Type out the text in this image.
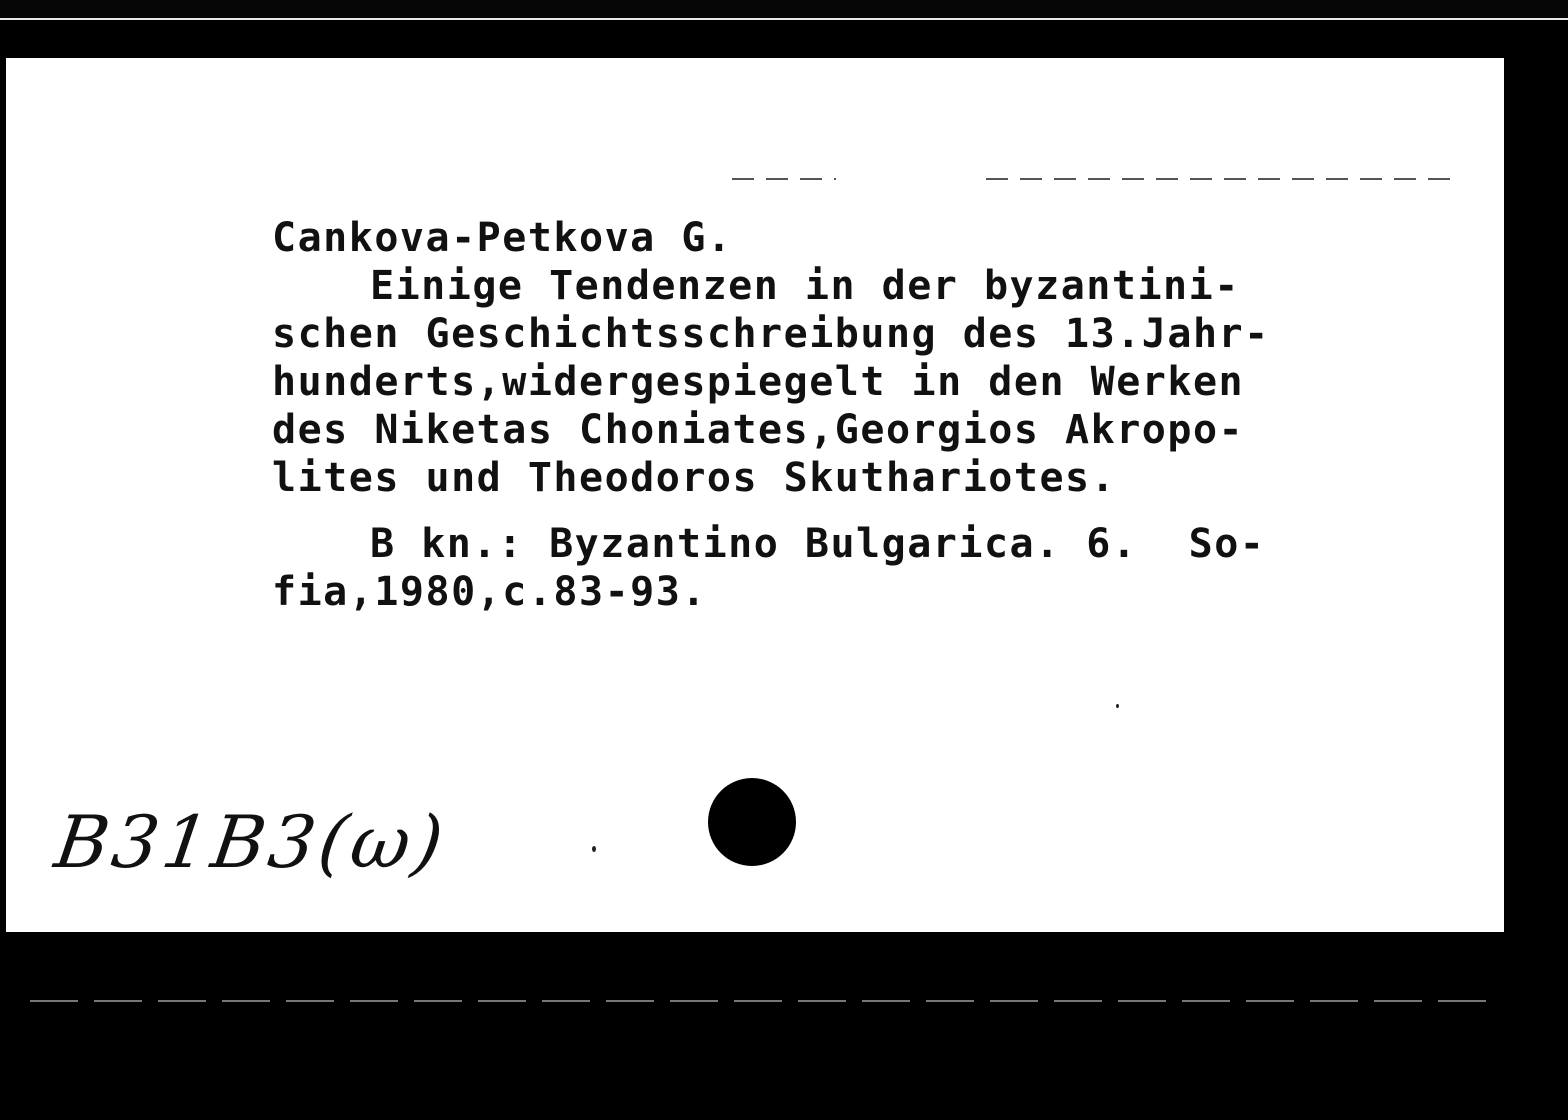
Cankova-Petkova G.
Einige Tendenzen in der byzantini-
schen Geschichtsschreibung des 13.Jahr-
hunderts,widergespiegelt in den Werken
des Niketas Choniates,Georgios Akropo-
lites und Theodoros Skuthariotes.
B kn.: Byzantino Bulgarica. 6.  So-
fia,1980,c.83-93.
B31B3(ω)
